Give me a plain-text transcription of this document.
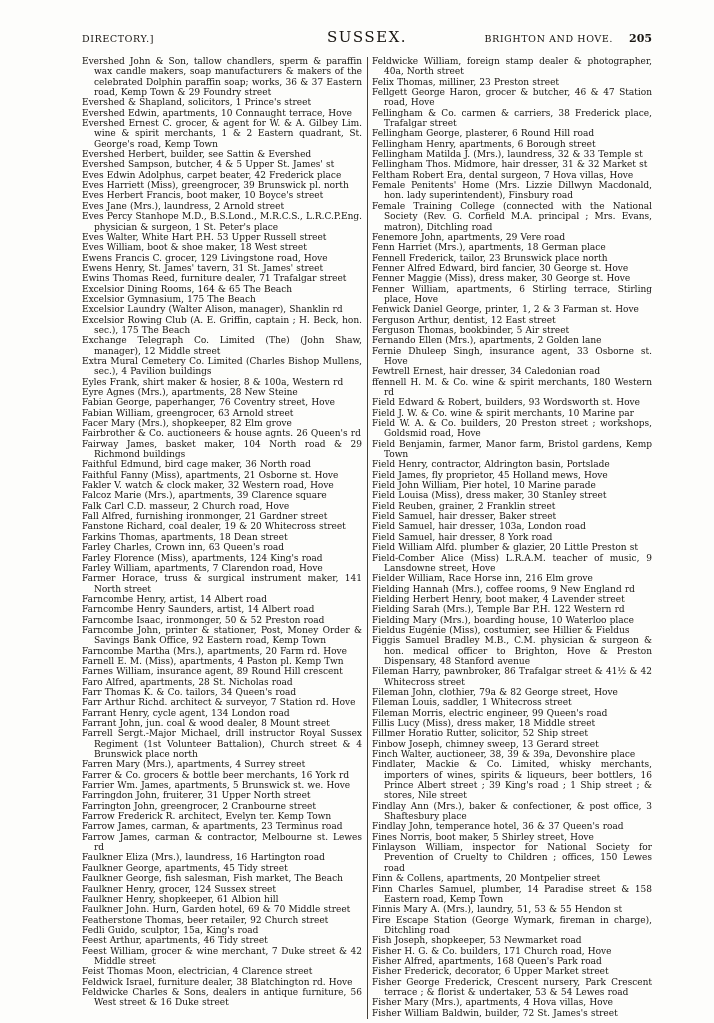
DIRECTORY.]	SUSSEX.	BRIGHTON AND HOVE. 205

Evershed John & Son, tallow chandlers, sperm & paraffin wax candle makers, soap manufacturers & makers of the celebrated Dolphin paraffin soap; works, 36 & 37 Eastern road, Kemp Town & 29 Foundry street

Evershed & Shapland, solicitors, 1 Prince's street

Evershed Edwin, apartments, 10 Connaught terrace, Hove

Evershed Ernest C. grocer, & agent for W. & A. Gilbey Lim. wine & spirit merchants, 1 & 2 Eastern quadrant, St. George's road, Kemp Town

Evershed Herbert, builder, see Sattin & Evershed

Evershed Sampson, butcher, 4 & 5 Upper St. James' st

Eves Edwin Adolphus, carpet beater, 42 Frederick place

Eves Harriett (Miss), greengrocer, 39 Brunswick pl. north

Eves Herbert Francis, boot maker, 10 Boyce's street

Eves Jane (Mrs.), laundress, 2 Arnold street

Eves Percy Stanhope M.D., B.S.Lond., M.R.C.S., L.R.C.P.Eng. physician & surgeon, 1 St. Peter's place

Eves Walter, White Hart P.H. 53 Upper Russell street

Eves William, boot & shoe maker, 18 West street

Ewens Francis C. grocer, 129 Livingstone road, Hove

Ewens Henry, St. James' tavern, 31 St. James' street

Ewins Thomas Reed, furniture dealer, 71 Trafalgar street

Excelsior Dining Rooms, 164 & 65 The Beach

Excelsior Gymnasium, 175 The Beach

Excelsior Laundry (Walter Alison, manager), Shanklin rd

Excelsior Rowing Club (A. E. Griffin, captain ; H. Beck, hon. sec.), 175 The Beach

Exchange Telegraph Co. Limited (The) (John Shaw, manager), 12 Middle street

Extra Mural Cemetery Co. Limited (Charles Bishop Mullens, sec.), 4 Pavilion buildings

Eyles Frank, shirt maker & hosier, 8 & 100a, Western rd

Eyre Agnes (Mrs.), apartments, 28 New Steine

Fabian George, paperhanger, 76 Coventry street, Hove

Fabian William, greengrocer, 63 Arnold street

Facer Mary (Mrs.), shopkeeper, 82 Elm grove

Fairbrother & Co. auctioneers & house agnts. 26 Queen's rd

Fairway James, basket maker, 104 North road & 29 Richmond buildings

Faithful Edmund, bird cage maker, 36 North road

Faithful Fanny (Miss), apartments, 21 Osborne st. Hove

Fakler V. watch & clock maker, 32 Western road, Hove

Falcoz Marie (Mrs.), apartments, 39 Clarence square

Falk Carl C.D. masseur, 2 Church road, Hove

Fall Alfred, furnishing ironmonger, 21 Gardner street

Fanstone Richard, coal dealer, 19 & 20 Whitecross street

Farkins Thomas, apartments, 18 Dean street

Farley Charles, Crown inn, 63 Queen's road

Farley Florence (Miss), apartments, 124 King's road

Farley William, apartments, 7 Clarendon road, Hove

Farmer Horace, truss & surgical instrument maker, 141 North street

Farncombe Henry, artist, 14 Albert road

Farncombe Henry Saunders, artist, 14 Albert road

Farncombe Isaac, ironmonger, 50 & 52 Preston road

Farncombe John, printer & stationer, Post, Money Order & Savings Bank Office, 92 Eastern road, Kemp Town

Farncombe Martha (Mrs.), apartments, 20 Farm rd. Hove

Farnell E. M. (Miss), apartments, 4 Paston pl. Kemp Twn

Farnes William, insurance agent, 89 Round Hill crescent

Faro Alfred, apartments, 28 St. Nicholas road

Farr Thomas K. & Co. tailors, 34 Queen's road

Farr Arthur Richd. architect & surveyor, 7 Station rd. Hove

Farrant Henry, cycle agent, 134 London road

Farrant John, jun. coal & wood dealer, 8 Mount street

Farrell Sergt.-Major Michael, drill instructor Royal Sussex Regiment (1st Volunteer Battalion), Church street & 4 Brunswick place north

Farren Mary (Mrs.), apartments, 4 Surrey street

Farrer & Co. grocers & bottle beer merchants, 16 York rd

Farrier Wm. James, apartments, 5 Brunswick st. we. Hove

Farringdon John, fruiterer, 31 Upper North street

Farrington John, greengrocer, 2 Cranbourne street

Farrow Frederick R. architect, Evelyn ter. Kemp Town

Farrow James, carman, & apartments, 23 Terminus road

Farrow James, carman & contractor, Melbourne st. Lewes rd

Faulkner Eliza (Mrs.), laundress, 16 Hartington road

Faulkner George, apartments, 45 Tidy street

Faulkner George, fish salesman, Fish market, The Beach

Faulkner Henry, grocer, 124 Sussex street

Faulkner Henry, shopkeeper, 61 Albion hill

Faulkner John. Hurn, Garden hotel, 69 & 70 Middle street

Featherstone Thomas, beer retailer, 92 Church street

Fedli Guido, sculptor, 15a, King's road

Feest Arthur, apartments, 46 Tidy street

Feest William, grocer & wine merchant, 7 Duke street & 42 Middle street

Feist Thomas Moon, electrician, 4 Clarence street

Feldwick Israel, furniture dealer, 38 Blatchington rd. Hove

Feldwicke Charles & Sons, dealers in antique furniture, 56 West street & 16 Duke street

Feldwicke William, foreign stamp dealer & photographer, 40a, North street

Felix Thomas, milliner, 23 Preston street

Fellgett George Haron, grocer & butcher, 46 & 47 Station road, Hove

Fellingham & Co. carmen & carriers, 38 Frederick place, Trafalgar street

Fellingham George, plasterer, 6 Round Hill road

Fellingham Henry, apartments, 6 Borough street

Fellingham Matilda J. (Mrs.), laundress, 32 & 33 Temple st

Fellingham Thos. Midmore, hair dresser, 31 & 32 Market st

Feltham Robert Era, dental surgeon, 7 Hova villas, Hove

Female Penitents' Home (Mrs. Lizzie Dillwyn Macdonald, hon. lady superintendent), Finsbury road

Female Training College (connected with the National Society (Rev. G. Corfield M.A. principal ; Mrs. Evans, matron), Ditchling road

Fenemore John, apartments, 29 Vere road

Fenn Harriet (Mrs.), apartments, 18 German place

Fennell Frederick, tailor, 23 Brunswick place north

Fenner Alfred Edward, bird fancier, 30 George st. Hove

Fenner Maggie (Miss), dress maker, 30 George st. Hove

Fenner William, apartments, 6 Stirling terrace, Stirling place, Hove

Fenwick Daniel George, printer, 1, 2 & 3 Farman st. Hove

Ferguson Arthur, dentist, 12 East street

Ferguson Thomas, bookbinder, 5 Air street

Fernando Ellen (Mrs.), apartments, 2 Golden lane

Fernie Dhuleep Singh, insurance agent, 33 Osborne st. Hove

Fewtrell Ernest, hair dresser, 34 Caledonian road

ffennell H. M. & Co. wine & spirit merchants, 180 Western rd

Field Edward & Robert, builders, 93 Wordsworth st. Hove

Field J. W. & Co. wine & spirit merchants, 10 Marine par

Field W. A. & Co. builders, 20 Preston street ; workshops, Goldsmid road, Hove

Field Benjamin, farmer, Manor farm, Bristol gardens, Kemp Town

Field Henry, contractor, Aldrington basin, Portslade

Field James, fly proprietor, 45 Holland mews, Hove

Field John William, Pier hotel, 10 Marine parade

Field Louisa (Miss), dress maker, 30 Stanley street

Field Reuben, grainer, 2 Franklin street

Field Samuel, hair dresser, Baker street

Field Samuel, hair dresser, 103a, London road

Field Samuel, hair dresser, 8 York road

Field William Alfd. plumber & glazier, 20 Little Preston st

Field-Comber Alice (Miss) L.R.A.M. teacher of music, 9 Lansdowne street, Hove

Fielder William, Race Horse inn, 216 Elm grove

Fielding Hannah (Mrs.), coffee rooms, 9 New England rd

Fielding Herbert Henry, boot maker, 4 Lavender street

Fielding Sarah (Mrs.), Temple Bar P.H. 122 Western rd

Fielding Mary (Mrs.), boarding house, 10 Waterloo place

Fieldus Eugénie (Miss), costumier, see Hillier & Fieldus

Figgis Samuel Bradley M.B., C.M. physician & surgeon & hon. medical officer to Brighton, Hove & Preston Dispensary, 48 Stanford avenue

Fileman Harry, pawnbroker, 86 Trafalgar street & 41½ & 42 Whitecross street

Fileman John, clothier, 79a & 82 George street, Hove

Fileman Louis, saddler, 1 Whitecross street

Fileman Morris, electric engineer, 99 Queen's road

Fillis Lucy (Miss), dress maker, 18 Middle street

Fillmer Horatio Rutter, solicitor, 52 Ship street

Finbow Joseph, chimney sweep, 13 Gerard street

Finch Walter, auctioneer, 38, 39 & 39a, Devonshire place

Findlater, Mackie & Co. Limited, whisky merchants, importers of wines, spirits & liqueurs, beer bottlers, 16 Prince Albert street ; 39 King's road ; 1 Ship street ; & stores, Nile street

Findlay Ann (Mrs.), baker & confectioner, & post office, 3 Shaftesbury place

Findlay John, temperance hotel, 36 & 37 Queen's road

Fines Norris, boot maker, 5 Shirley street, Hove

Finlayson William, inspector for National Society for Prevention of Cruelty to Children ; offices, 150 Lewes road

Finn & Collens, apartments, 20 Montpelier street

Finn Charles Samuel, plumber, 14 Paradise street & 158 Eastern road, Kemp Town

Finnis Mary A. (Mrs.), laundry, 51, 53 & 55 Hendon st

Fire Escape Station (George Wymark, fireman in charge), Ditchling road

Fish Joseph, shopkeeper, 53 Newmarket road

Fisher H. G. & Co. builders, 171 Church road, Hove

Fisher Alfred, apartments, 168 Queen's Park road

Fisher Frederick, decorator, 6 Upper Market street

Fisher George Frederick, Crescent nursery, Park Crescent terrace ; & florist & undertaker, 53 & 54 Lewes road

Fisher Mary (Mrs.), apartments, 4 Hova villas, Hove

Fisher William Baldwin, builder, 72 St. James's street
